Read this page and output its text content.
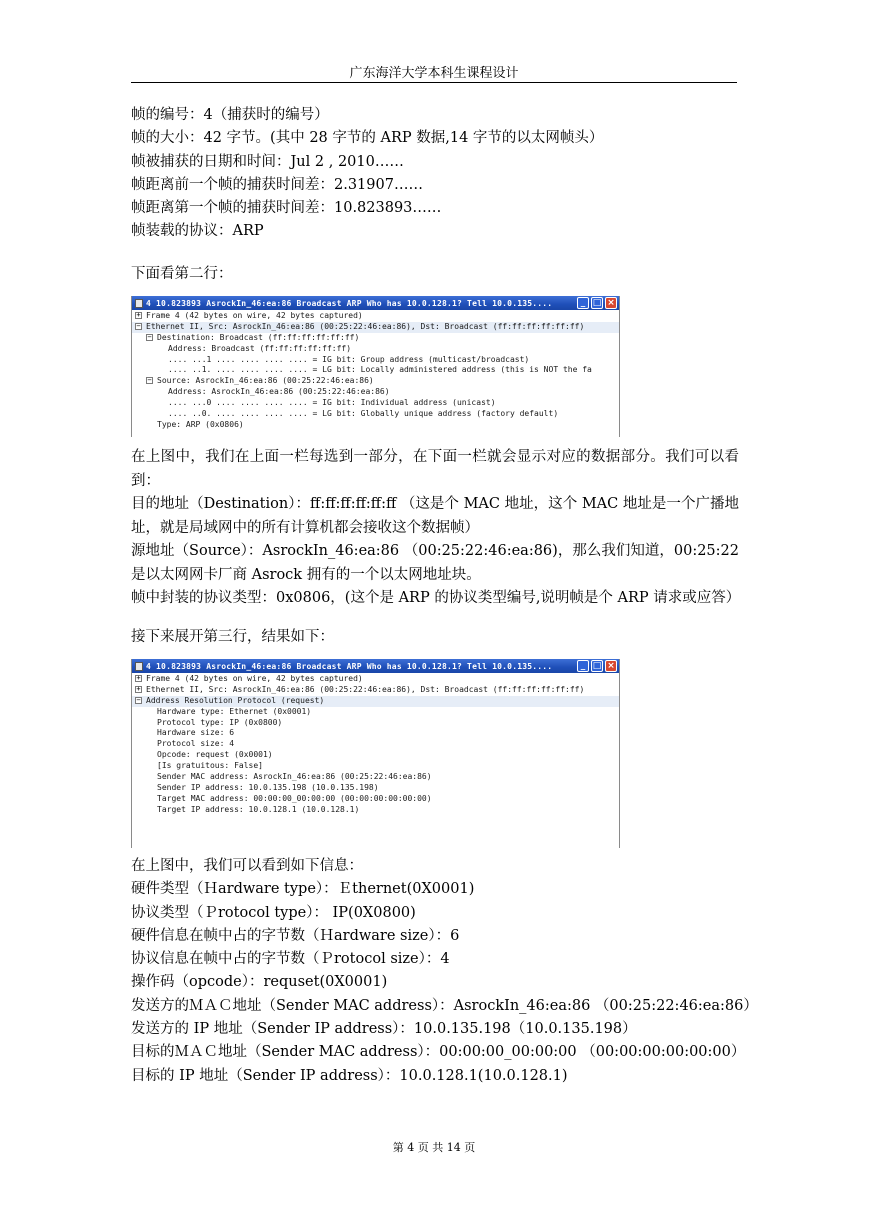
广东海洋大学本科生课程设计
帧的编号：4（捕获时的编号）
帧的大小：42 字节。(其中 28 字节的 ARP 数据,14 字节的以太网帧头）
帧被捕获的日期和时间：Jul 2 , 2010……
帧距离前一个帧的捕获时间差：2.31907……
帧距离第一个帧的捕获时间差：10.823893……
帧装载的协议：ARP
下面看第二行：
4 10.823893 AsrockIn_46:ea:86 Broadcast ARP Who has 10.0.128.1? Tell 10.0.135....	_ □ ×
+ Frame 4 (42 bytes on wire, 42 bytes captured)
− Ethernet II, Src: AsrockIn_46:ea:86 (00:25:22:46:ea:86), Dst: Broadcast (ff:ff:ff:ff:ff:ff)
− Destination: Broadcast (ff:ff:ff:ff:ff:ff)
Address: Broadcast (ff:ff:ff:ff:ff:ff)
.... ...1 .... .... .... .... = IG bit: Group address (multicast/broadcast)
.... ..1. .... .... .... .... = LG bit: Locally administered address (this is NOT the fa
− Source: AsrockIn_46:ea:86 (00:25:22:46:ea:86)
Address: AsrockIn_46:ea:86 (00:25:22:46:ea:86)
.... ...0 .... .... .... .... = IG bit: Individual address (unicast)
.... ..0. .... .... .... .... = LG bit: Globally unique address (factory default)
Type: ARP (0x0806)
在上图中，我们在上面一栏每选到一部分，在下面一栏就会显示对应的数据部分。我们可以看到：
目的地址（Destination）：ff:ff:ff:ff:ff:ff （这是个 MAC 地址，这个 MAC 地址是一个广播地址，就是局域网中的所有计算机都会接收这个数据帧）
源地址（Source）：AsrockIn_46:ea:86 （00:25:22:46:ea:86)，那么我们知道，00:25:22 是以太网网卡厂商 Asrock 拥有的一个以太网地址块。
帧中封装的协议类型：0x0806，(这个是 ARP 的协议类型编号,说明帧是个 ARP 请求或应答）
接下来展开第三行，结果如下：
4 10.823893 AsrockIn_46:ea:86 Broadcast ARP Who has 10.0.128.1? Tell 10.0.135....	_ □ ×
+ Frame 4 (42 bytes on wire, 42 bytes captured)
+ Ethernet II, Src: AsrockIn_46:ea:86 (00:25:22:46:ea:86), Dst: Broadcast (ff:ff:ff:ff:ff:ff)
− Address Resolution Protocol (request)
Hardware type: Ethernet (0x0001)
Protocol type: IP (0x0800)
Hardware size: 6
Protocol size: 4
Opcode: request (0x0001)
[Is gratuitous: False]
Sender MAC address: AsrockIn_46:ea:86 (00:25:22:46:ea:86)
Sender IP address: 10.0.135.198 (10.0.135.198)
Target MAC address: 00:00:00_00:00:00 (00:00:00:00:00:00)
Target IP address: 10.0.128.1 (10.0.128.1)
在上图中，我们可以看到如下信息：
硬件类型（Ｈardware type）：Ｅthernet(0X0001)
协议类型（Ｐrotocol type）： IP(0X0800)
硬件信息在帧中占的字节数（Ｈardware size）：6
协议信息在帧中占的字节数（Ｐrotocol size）：4
操作码（opcode）：requset(0X0001)
发送方的ＭＡＣ地址（Sender MAC address）：AsrockIn_46:ea:86 （00:25:22:46:ea:86）
发送方的 IP 地址（Sender IP address）：10.0.135.198（10.0.135.198）
目标的ＭＡＣ地址（Sender MAC address）：00:00:00_00:00:00 （00:00:00:00:00:00）
目标的 IP 地址（Sender IP address）：10.0.128.1(10.0.128.1)
第 4 页 共 14 页
